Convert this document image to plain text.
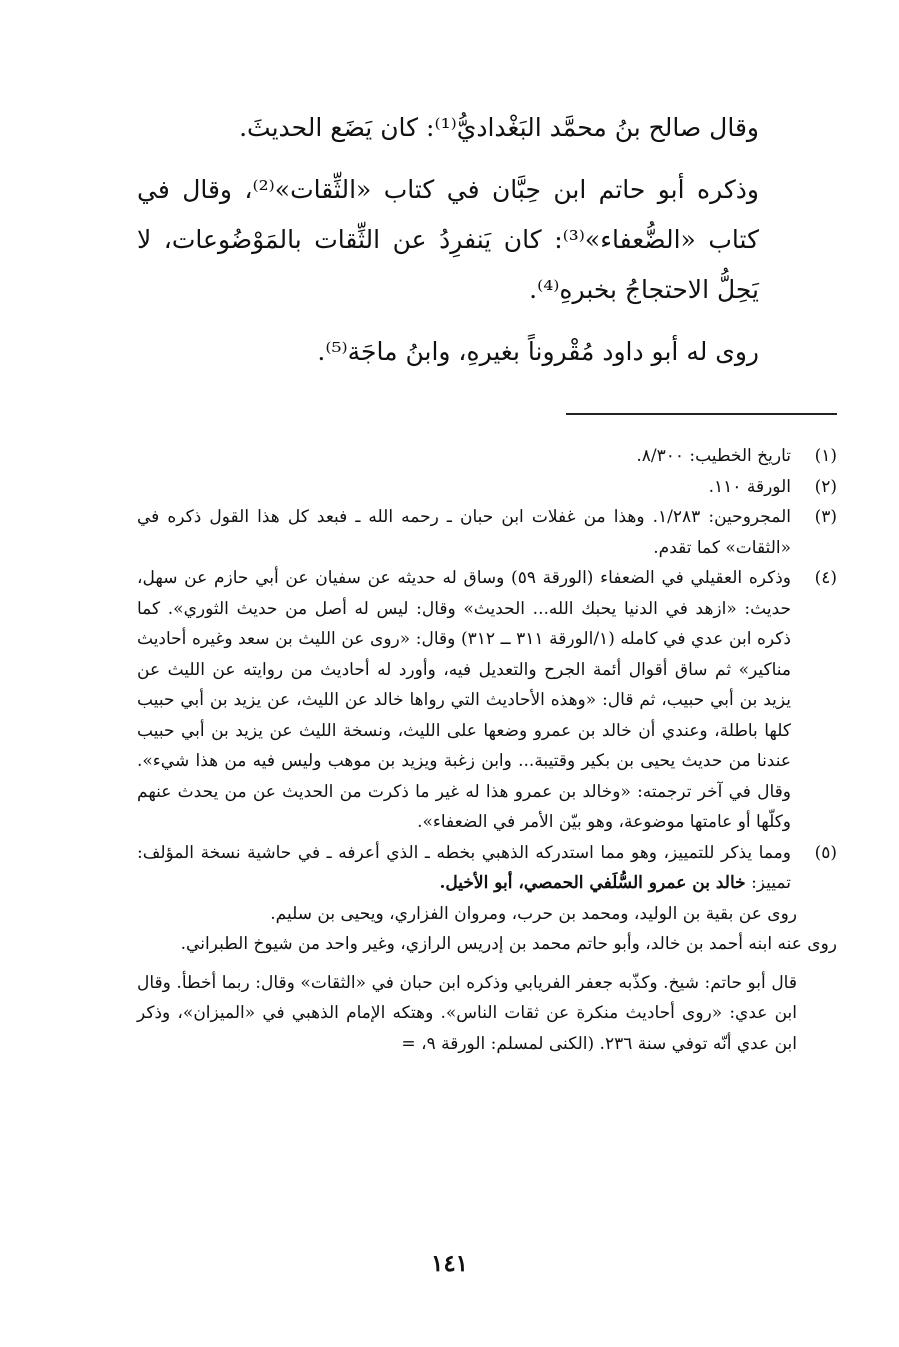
وقال صالح بنُ محمَّد البَغْداديُّ⁽¹⁾: كان يَضَع الحديثَ.

وذكره أبو حاتم ابن حِبَّان في كتاب «الثِّقات»⁽²⁾، وقال في كتاب «الضُّعفاء»⁽³⁾: كان يَنفرِدُ عن الثِّقات بالمَوْضُوعات، لا يَحِلُّ الاحتجاجُ بخبرهِ⁽⁴⁾.

روى له أبو داود مُقْروناً بغيرهِ، وابنُ ماجَة⁽⁵⁾.

(١)
تاريخ الخطيب: ٨/٣٠٠.
(٢)
الورقة ١١٠.
(٣)
المجروحين: ١/٢٨٣. وهذا من غفلات ابن حبان ـ رحمه الله ـ فبعد كل هذا القول ذكره في «الثقات» كما تقدم.
(٤)
وذكره العقيلي في الضعفاء (الورقة ٥٩) وساق له حديثه عن سفيان عن أبي حازم عن سهل، حديث: «ازهد في الدنيا يحبك الله... الحديث» وقال: ليس له أصل من حديث الثوري». كما ذكره ابن عدي في كامله (١/الورقة ٣١١ ــ ٣١٢) وقال: «روى عن الليث بن سعد وغيره أحاديث مناكير» ثم ساق أقوال أئمة الجرح والتعديل فيه، وأورد له أحاديث من روايته عن الليث عن يزيد بن أبي حبيب، ثم قال: «وهذه الأحاديث التي رواها خالد عن الليث، عن يزيد بن أبي حبيب كلها باطلة، وعندي أن خالد بن عمرو وضعها على الليث، ونسخة الليث عن يزيد بن أبي حبيب عندنا من حديث يحيى بن بكير وقتيبة... وابن زغبة ويزيد بن موهب وليس فيه من هذا شيء». وقال في آخر ترجمته: «وخالد بن عمرو هذا له غير ما ذكرت من الحديث عن من يحدث عنهم وكلّها أو عامتها موضوعة، وهو بيّن الأمر في الضعفاء».
(٥)
ومما يذكر للتمييز، وهو مما استدركه الذهبي بخطه ـ الذي أعرفه ـ في حاشية نسخة المؤلف: تمييز: خالد بن عمرو السُّلَفي الحمصي، أبو الأخيل.

روى عن بقية بن الوليد، ومحمد بن حرب، ومروان الفزاري، ويحيى بن سليم.

روى عنه ابنه أحمد بن خالد، وأبو حاتم محمد بن إدريس الرازي، وغير واحد من شيوخ الطبراني.

قال أبو حاتم: شيخ. وكذّبه جعفر الفريابي وذكره ابن حبان في «الثقات» وقال: ربما أخطأ. وقال ابن عدي: «روى أحاديث منكرة عن ثقات الناس». وهتكه الإمام الذهبي في «الميزان»، وذكر ابن عدي أنّه توفي سنة ٢٣٦. (الكنى لمسلم: الورقة ٩، =

١٤١
